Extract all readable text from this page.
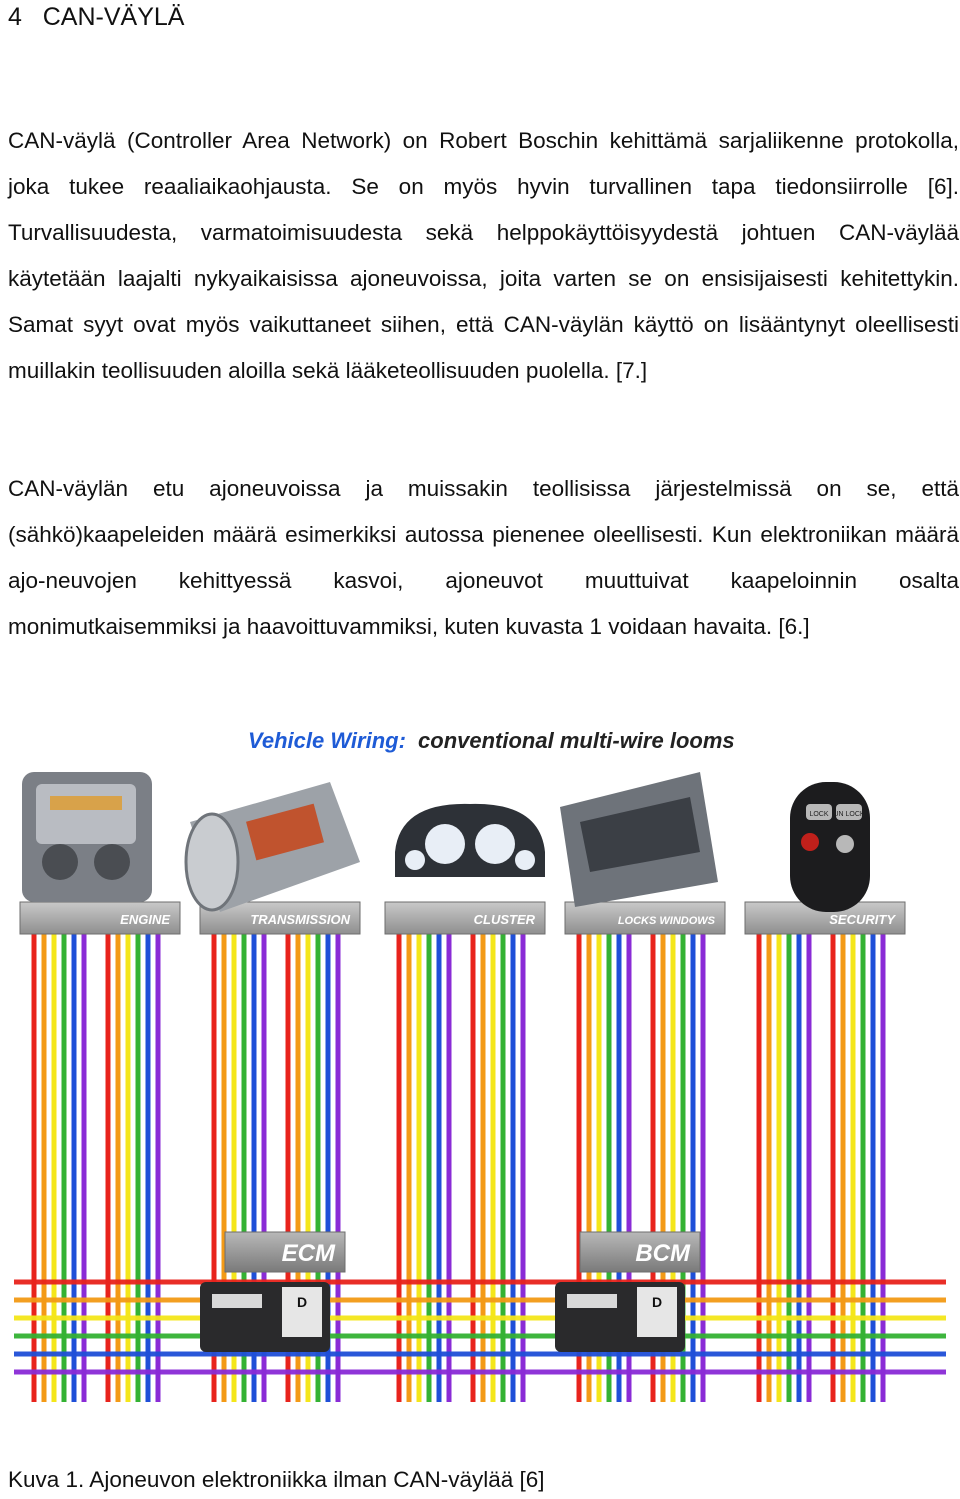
4 CAN-VÄYLÄ

CAN-väylä (Controller Area Network) on Robert Boschin kehittämä sarjaliikenne protokolla, joka tukee reaaliaikaohjausta. Se on myös hyvin turvallinen tapa tiedonsiirrolle [6]. Turvallisuudesta, varmatoimisuudesta sekä helppokäyttöisyydestä johtuen CAN-väylää käytetään laajalti nykyaikaisissa ajoneuvoissa, joita varten se on ensisijaisesti kehitettykin. Samat syyt ovat myös vaikuttaneet siihen, että CAN-väylän käyttö on lisääntynyt oleellisesti muillakin teollisuuden aloilla sekä lääketeollisuuden puolella. [7.]

CAN-väylän etu ajoneuvoissa ja muissakin teollisissa järjestelmissä on se, että (sähkö)kaapeleiden määrä esimerkiksi autossa pienenee oleellisesti. Kun elektroniikan määrä ajo-neuvojen kehittyessä kasvoi, ajoneuvot muuttuivat kaapeloinnin osalta monimutkaisemmiksi ja haavoittuvammiksi, kuten kuvasta 1 voidaan havaita. [6.]

Vehicle Wiring: conventional multi-wire looms
ENGINE	TRANSMISSION	CLUSTER	LOCKS WINDOWS	SECURITY
ECM	BCM
LOCK UN LOCK
D	D
Kuva 1. Ajoneuvon elektroniikka ilman CAN-väylää [6]
